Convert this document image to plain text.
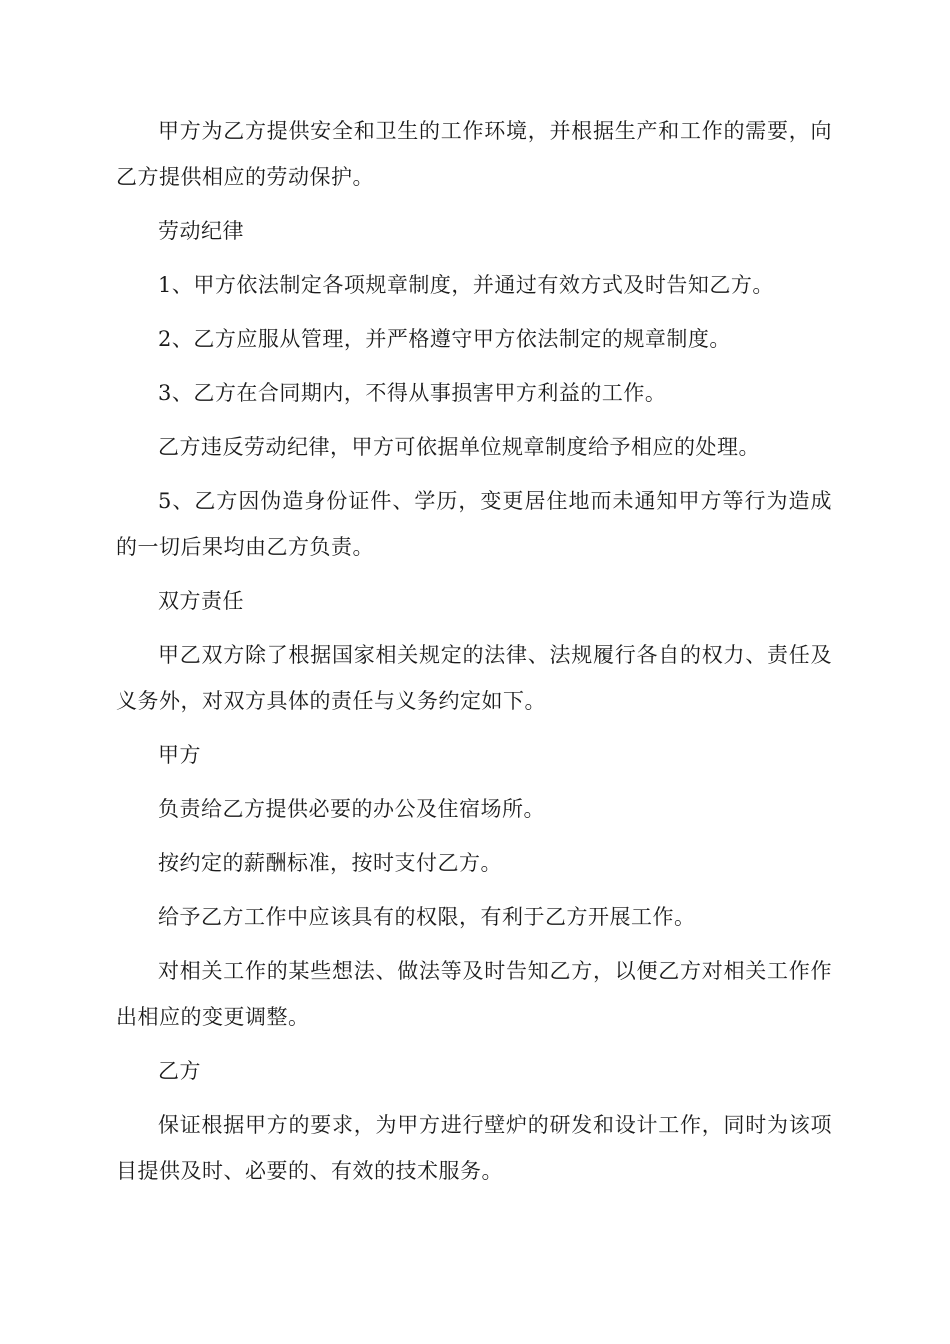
甲方为乙方提供安全和卫生的工作环境，并根据生产和工作的需要，向乙方提供相应的劳动保护。

劳动纪律

1、甲方依法制定各项规章制度，并通过有效方式及时告知乙方。

2、乙方应服从管理，并严格遵守甲方依法制定的规章制度。

3、乙方在合同期内，不得从事损害甲方利益的工作。

乙方违反劳动纪律，甲方可依据单位规章制度给予相应的处理。

5、乙方因伪造身份证件、学历，变更居住地而未通知甲方等行为造成的一切后果均由乙方负责。

双方责任

甲乙双方除了根据国家相关规定的法律、法规履行各自的权力、责任及义务外，对双方具体的责任与义务约定如下。

甲方

负责给乙方提供必要的办公及住宿场所。

按约定的薪酬标准，按时支付乙方。

给予乙方工作中应该具有的权限，有利于乙方开展工作。

对相关工作的某些想法、做法等及时告知乙方，以便乙方对相关工作作出相应的变更调整。

乙方

保证根据甲方的要求，为甲方进行壁炉的研发和设计工作，同时为该项目提供及时、必要的、有效的技术服务。
